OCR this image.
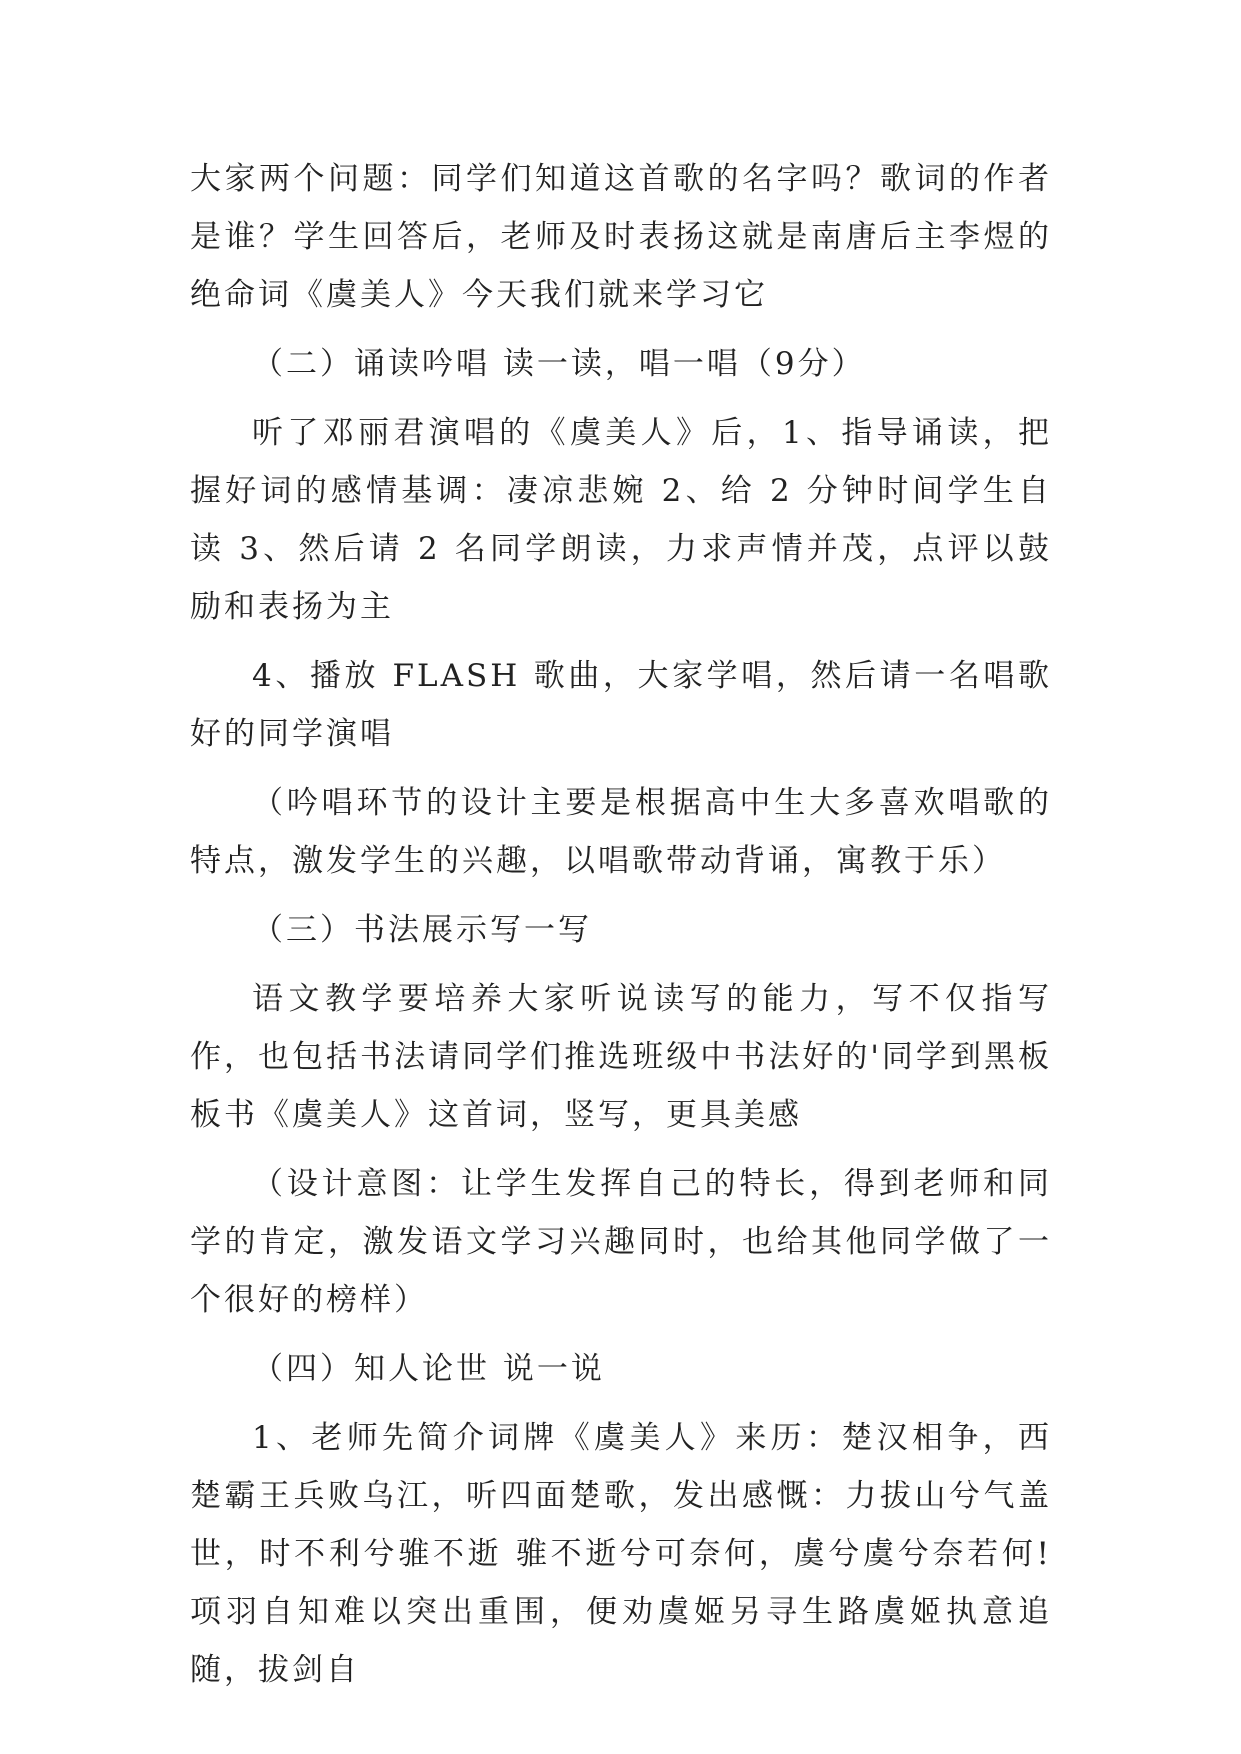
大家两个问题：同学们知道这首歌的名字吗？歌词的作者是谁？学生回答后，老师及时表扬这就是南唐后主李煜的绝命词《虞美人》今天我们就来学习它

（二）诵读吟唱 读一读，唱一唱（9分）

听了邓丽君演唱的《虞美人》后，1、指导诵读，把握好词的感情基调：凄凉悲婉 2、给 2 分钟时间学生自读 3、然后请 2 名同学朗读，力求声情并茂，点评以鼓励和表扬为主

4、播放 FLASH 歌曲，大家学唱，然后请一名唱歌好的同学演唱

（吟唱环节的设计主要是根据高中生大多喜欢唱歌的特点，激发学生的兴趣，以唱歌带动背诵，寓教于乐）

（三）书法展示写一写

语文教学要培养大家听说读写的能力，写不仅指写作，也包括书法请同学们推选班级中书法好的'同学到黑板板书《虞美人》这首词，竖写，更具美感

（设计意图：让学生发挥自己的特长，得到老师和同学的肯定，激发语文学习兴趣同时，也给其他同学做了一个很好的榜样）

（四）知人论世 说一说

1、老师先简介词牌《虞美人》来历：楚汉相争，西楚霸王兵败乌江，听四面楚歌，发出感慨：力拔山兮气盖世，时不利兮骓不逝 骓不逝兮可奈何，虞兮虞兮奈若何!项羽自知难以突出重围，便劝虞姬另寻生路虞姬执意追随，拔剑自
